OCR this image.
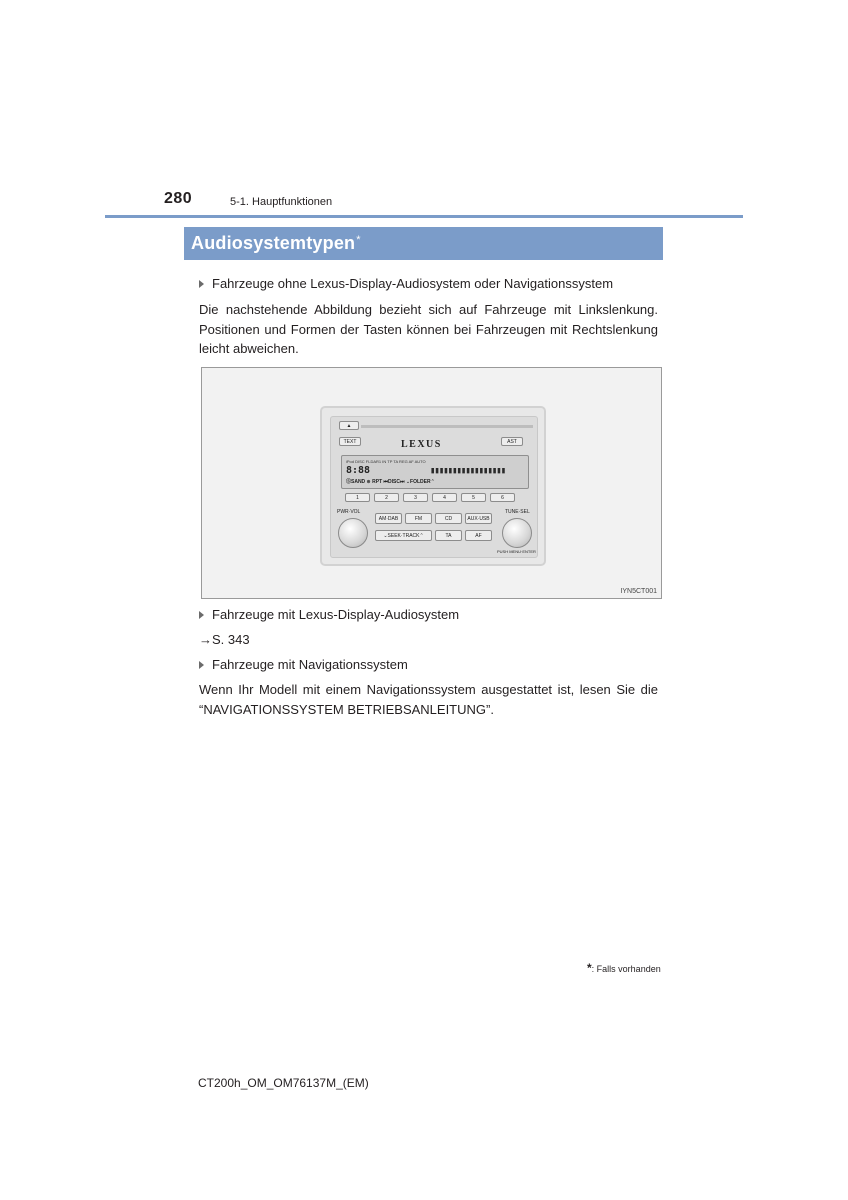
280	5-1. Hauptfunktionen
Audiosystemtypen*
Fahrzeuge ohne Lexus-Display-Audiosystem oder Navigationssystem
Die nachstehende Abbildung bezieht sich auf Fahrzeuge mit Linkslenkung.
Positionen und Formen der Tasten können bei Fahrzeugen mit Rechtslenkung
leicht abweichen.
▲
TEXT	LEXUS	AST
iPod DISC FLDAR1 IN TP TA REG AF AUTO
8:88	▮▮▮▮▮▮▮▮▮▮▮▮▮▮▮▮▮
ⓈSAND ⊕ RPT ⏮DISC⏭ ⌄FOLDER⌃
1	2	3	4	5	6
PWR·VOL	TUNE·SEL
PUSH MENU·ENTER
AM·DAB	FM	CD	AUX·USB
⌄SEEK·TRACK⌃	TA	AF
IYN5CT001
Fahrzeuge mit Lexus-Display-Audiosystem
→S. 343
Fahrzeuge mit Navigationssystem
Wenn Ihr Modell mit einem Navigationssystem ausgestattet ist, lesen Sie die
“NAVIGATIONSSYSTEM BETRIEBSANLEITUNG”.
*: Falls vorhanden
CT200h_OM_OM76137M_(EM)
